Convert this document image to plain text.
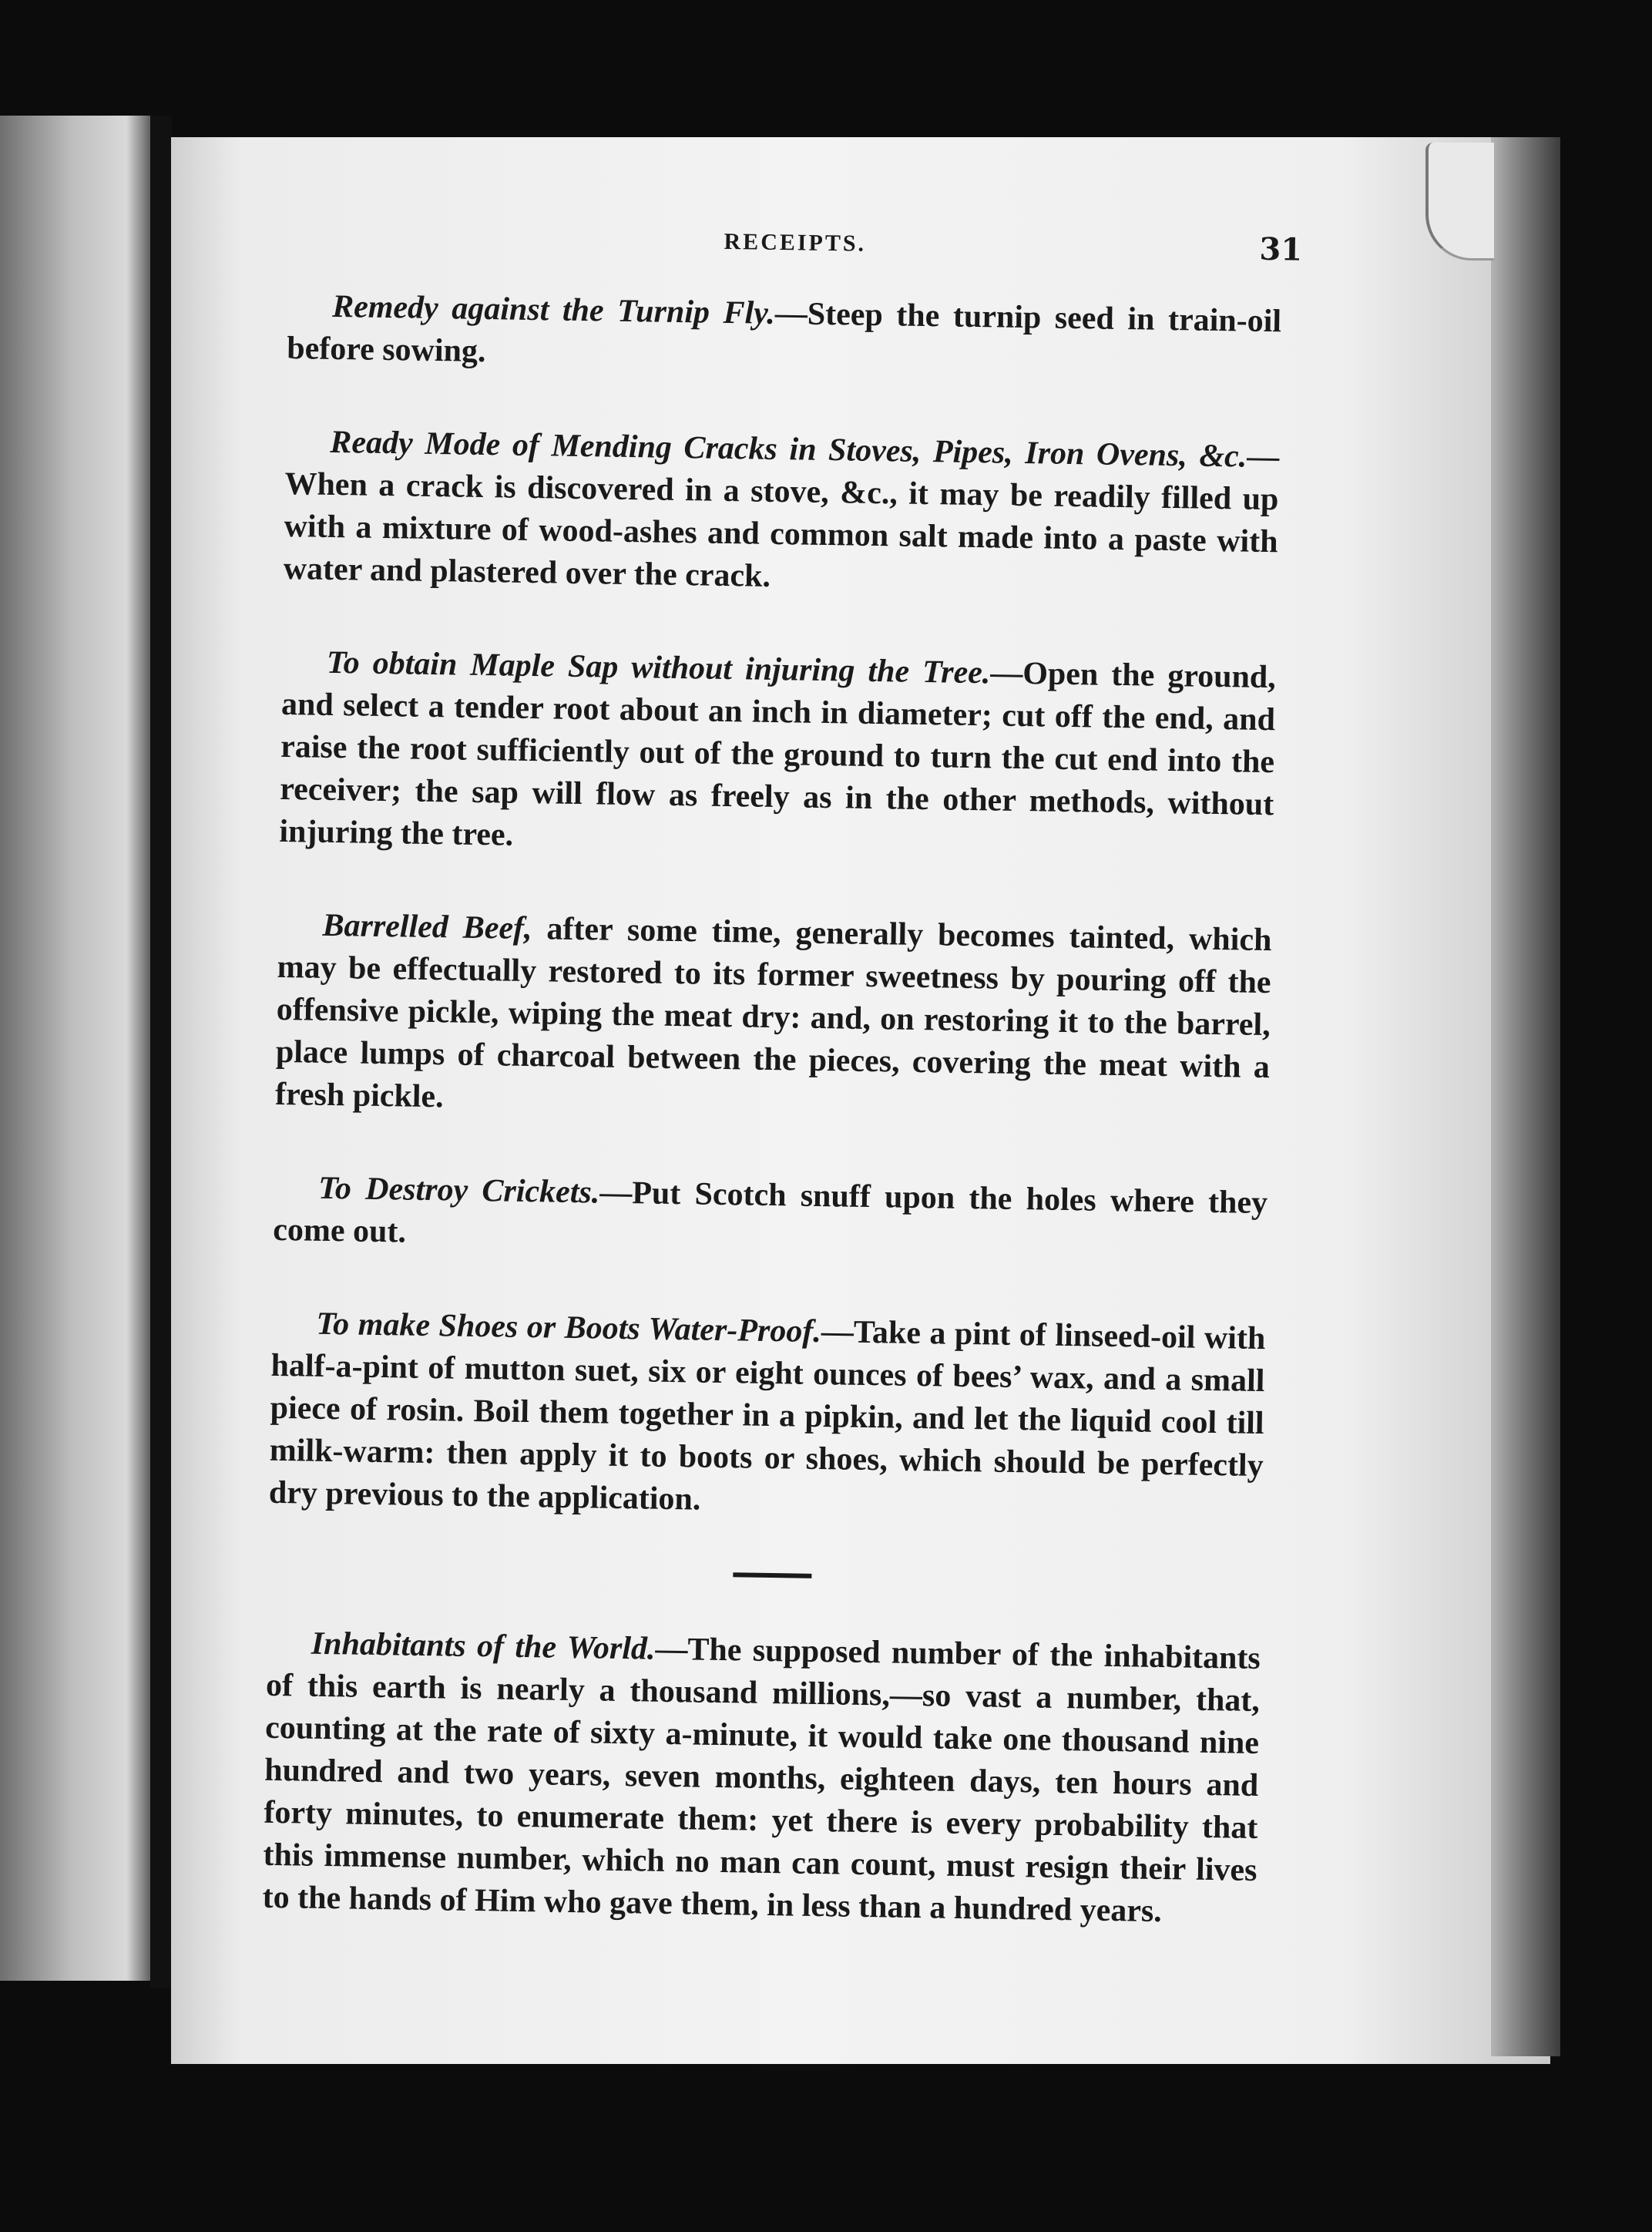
RECEIPTS.	31

Remedy against the Turnip Fly.—Steep the turnip seed in train-oil before sowing.

Ready Mode of Mending Cracks in Stoves, Pipes, Iron Ovens, &c.—When a crack is discovered in a stove, &c., it may be readily filled up with a mixture of wood-ashes and common salt made into a paste with water and plastered over the crack.

To obtain Maple Sap without injuring the Tree.—Open the ground, and select a tender root about an inch in diameter; cut off the end, and raise the root sufficiently out of the ground to turn the cut end into the receiver; the sap will flow as freely as in the other methods, without injuring the tree.

Barrelled Beef, after some time, generally becomes tainted, which may be effectually restored to its former sweetness by pouring off the offensive pickle, wiping the meat dry: and, on restoring it to the barrel, place lumps of charcoal between the pieces, covering the meat with a fresh pickle.

To Destroy Crickets.—Put Scotch snuff upon the holes where they come out.

To make Shoes or Boots Water-Proof.—Take a pint of linseed-oil with half-a-pint of mutton suet, six or eight ounces of bees’ wax, and a small piece of rosin. Boil them together in a pipkin, and let the liquid cool till milk-warm: then apply it to boots or shoes, which should be perfectly dry previous to the application.

Inhabitants of the World.—The supposed number of the inhabitants of this earth is nearly a thousand millions,—so vast a number, that, counting at the rate of sixty a-minute, it would take one thousand nine hundred and two years, seven months, eighteen days, ten hours and forty minutes, to enumerate them: yet there is every probability that this immense number, which no man can count, must resign their lives to the hands of Him who gave them, in less than a hundred years.
